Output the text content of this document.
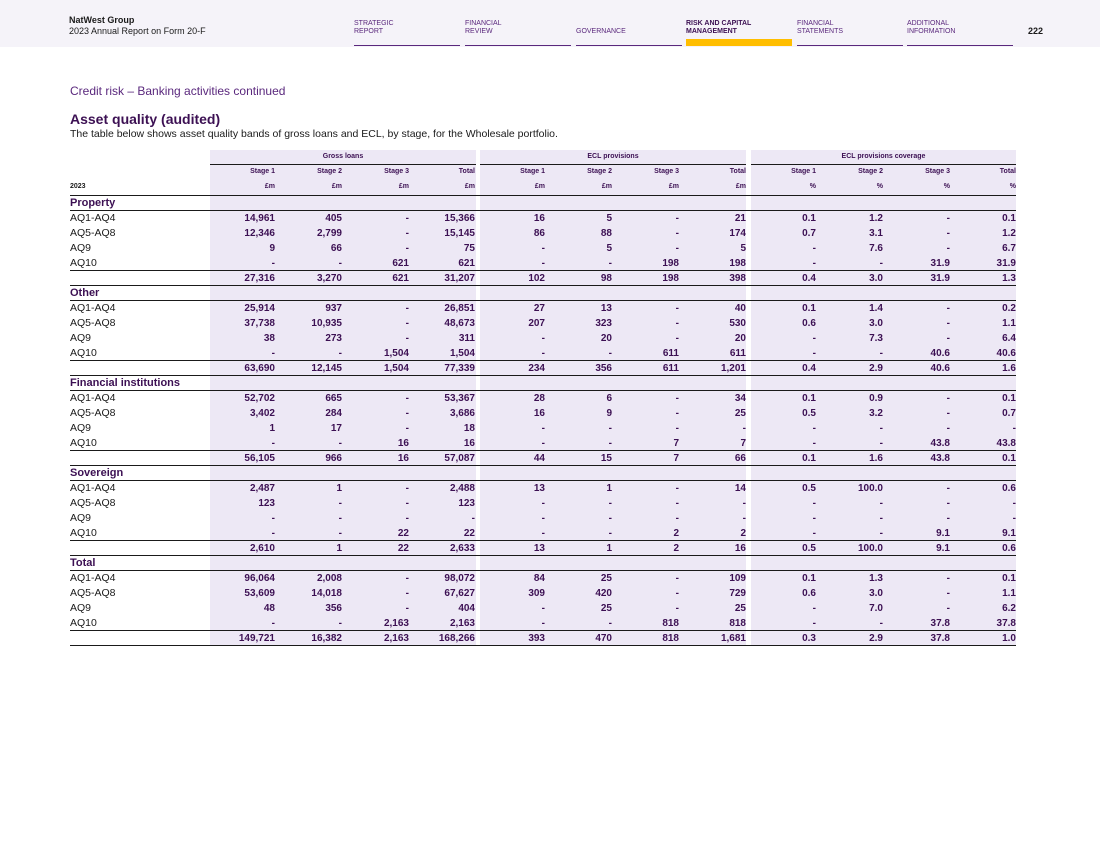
NatWest Group
2023 Annual Report on Form 20-F
STRATEGIC
REPORT
FINANCIAL
REVIEW	GOVERNANCE
RISK AND CAPITAL
MANAGEMENT
FINANCIAL
STATEMENTS
ADDITIONAL
INFORMATION	222
Credit risk – Banking activities continued
Asset quality (audited)
The table below shows asset quality bands of gross loans and ECL, by stage, for the Wholesale portfolio.
Gross loans	ECL provisions	ECL provisions coverage
Stage 1	Stage 2	Stage 3	Total	Stage 1	Stage 2	Stage 3	Total	Stage 1	Stage 2	Stage 3	Total
2023	£m	£m	£m	£m	£m	£m	£m	£m	%	%	%	%
Property
AQ1-AQ4	14,961	405	-	15,366	16	5	-	21	0.1	1.2	-	0.1
AQ5-AQ8	12,346	2,799	-	15,145	86	88	-	174	0.7	3.1	-	1.2
AQ9	9	66	-	75	-	5	-	5	-	7.6	-	6.7
AQ10	-	-	621	621	-	-	198	198	-	-	31.9	31.9
27,316	3,270	621	31,207	102	98	198	398	0.4	3.0	31.9	1.3
Other
AQ1-AQ4	25,914	937	-	26,851	27	13	-	40	0.1	1.4	-	0.2
AQ5-AQ8	37,738	10,935	-	48,673	207	323	-	530	0.6	3.0	-	1.1
AQ9	38	273	-	311	-	20	-	20	-	7.3	-	6.4
AQ10	-	-	1,504	1,504	-	-	611	611	-	-	40.6	40.6
63,690	12,145	1,504	77,339	234	356	611	1,201	0.4	2.9	40.6	1.6
Financial institutions
AQ1-AQ4	52,702	665	-	53,367	28	6	-	34	0.1	0.9	-	0.1
AQ5-AQ8	3,402	284	-	3,686	16	9	-	25	0.5	3.2	-	0.7
AQ9	1	17	-	18	-	-	-	-	-	-	-	-
AQ10	-	-	16	16	-	-	7	7	-	-	43.8	43.8
56,105	966	16	57,087	44	15	7	66	0.1	1.6	43.8	0.1
Sovereign
AQ1-AQ4	2,487	1	-	2,488	13	1	-	14	0.5	100.0	-	0.6
AQ5-AQ8	123	-	-	123	-	-	-	-	-	-	-	-
AQ9	-	-	-	-	-	-	-	-	-	-	-	-
AQ10	-	-	22	22	-	-	2	2	-	-	9.1	9.1
2,610	1	22	2,633	13	1	2	16	0.5	100.0	9.1	0.6
Total
AQ1-AQ4	96,064	2,008	-	98,072	84	25	-	109	0.1	1.3	-	0.1
AQ5-AQ8	53,609	14,018	-	67,627	309	420	-	729	0.6	3.0	-	1.1
AQ9	48	356	-	404	-	25	-	25	-	7.0	-	6.2
AQ10	-	-	2,163	2,163	-	-	818	818	-	-	37.8	37.8
149,721	16,382	2,163	168,266	393	470	818	1,681	0.3	2.9	37.8	1.0
